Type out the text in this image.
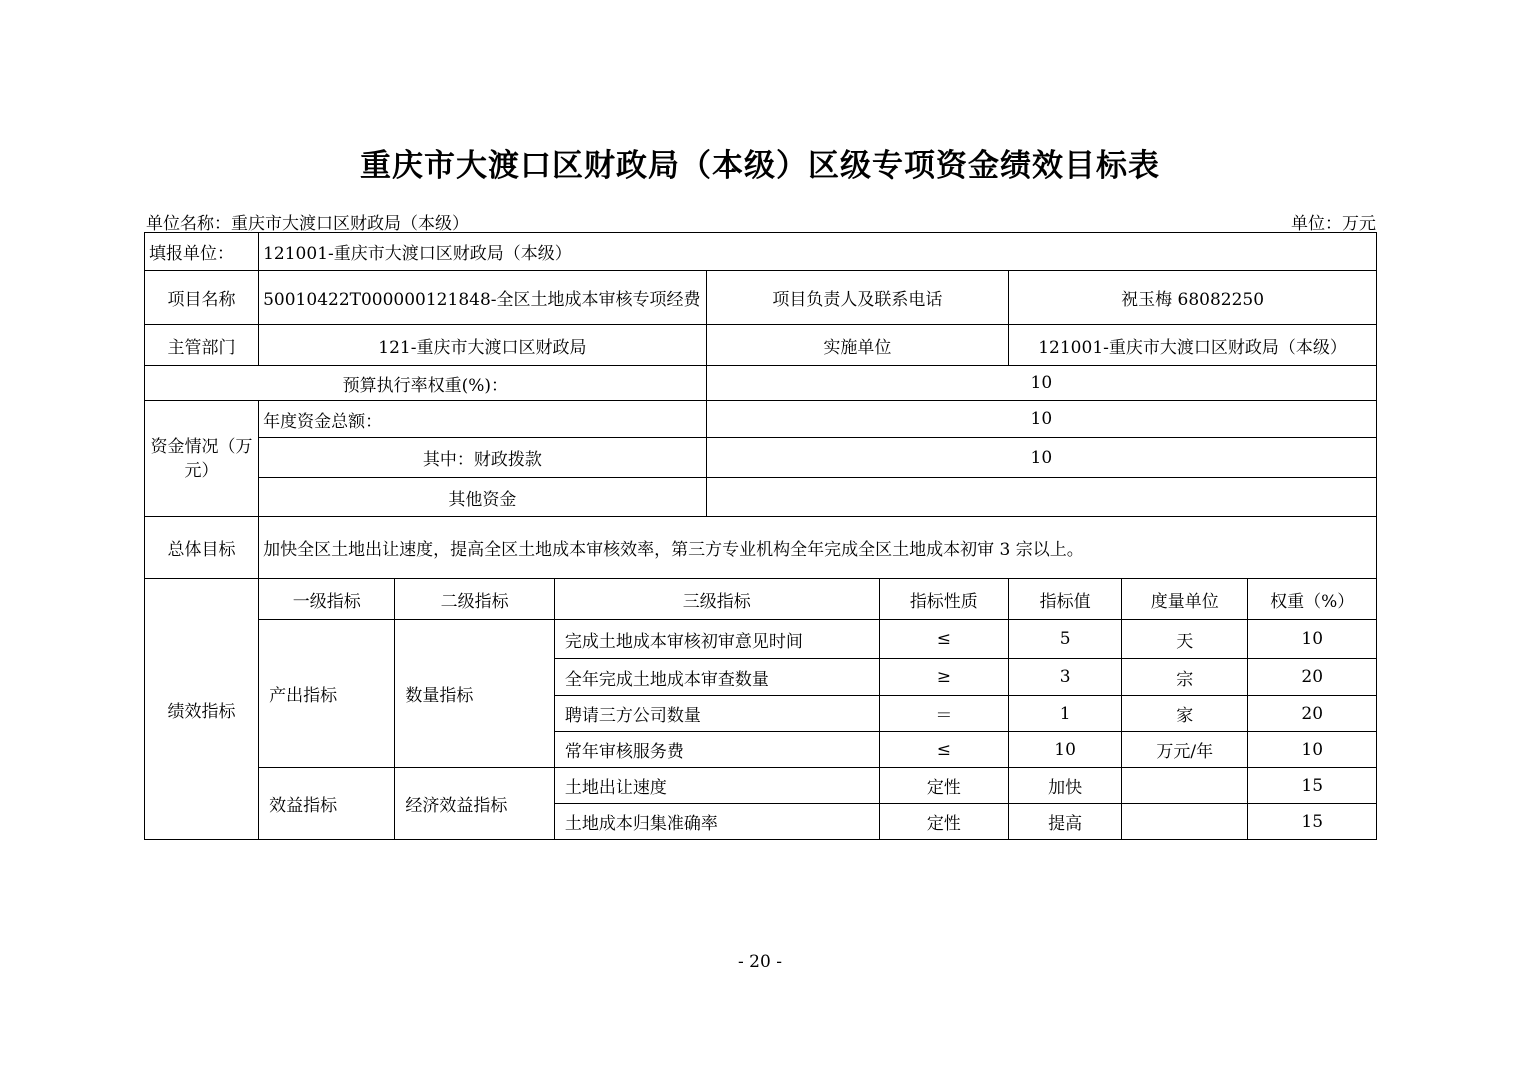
重庆市大渡口区财政局（本级）区级专项资金绩效目标表
单位名称：重庆市大渡口区财政局（本级）	单位：万元
填报单位：	121001-重庆市大渡口区财政局（本级）							
项目名称	50010422T000000121848-全区土地成本审核专项经费			项目负责人及联系电话		祝玉梅 68082250		
主管部门	121-重庆市大渡口区财政局			实施单位		121001-重庆市大渡口区财政局（本级）		
预算执行率权重(%)：				10				
资金情况（万元）	年度资金总额：			10				
	其中：财政拨款			10				
	其他资金							
总体目标	加快全区土地出让速度，提高全区土地成本审核效率，第三方专业机构全年完成全区土地成本初审 3 宗以上。							
绩效指标	一级指标	二级指标	三级指标		指标性质	指标值	度量单位	权重（%）
	产出指标	数量指标	完成土地成本审核初审意见时间		≤	5	天	10
			全年完成土地成本审查数量		≥	3	宗	20
			聘请三方公司数量		＝	1	家	20
			常年审核服务费		≤	10	万元/年	10
	效益指标	经济效益指标	土地出让速度		定性	加快		15
			土地成本归集准确率		定性	提高		15
- 20 -
